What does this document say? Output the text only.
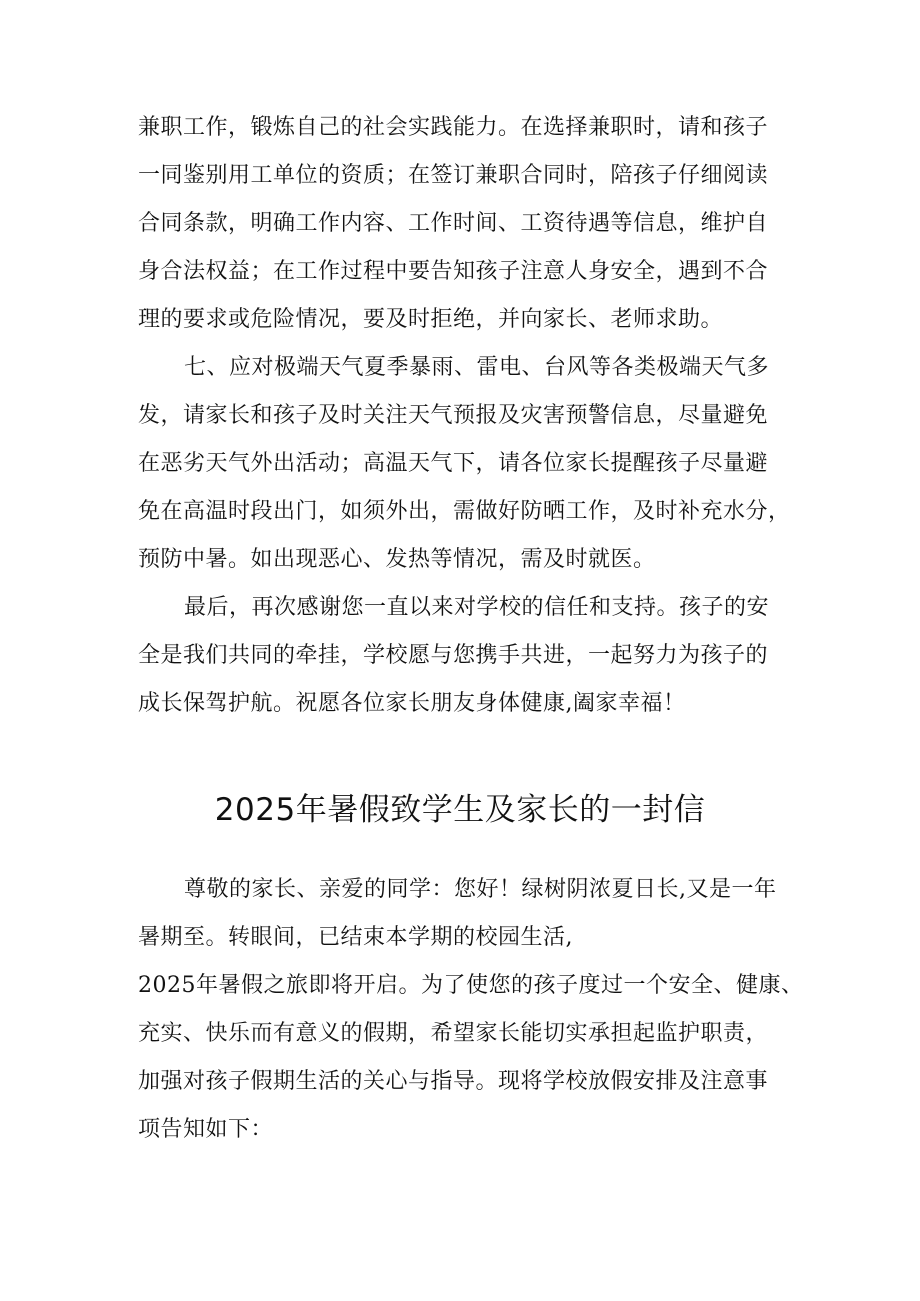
兼职工作，锻炼自己的社会实践能力。在选择兼职时，请和孩子
一同鉴别用工单位的资质；在签订兼职合同时，陪孩子仔细阅读
合同条款，明确工作内容、工作时间、工资待遇等信息，维护自
身合法权益；在工作过程中要告知孩子注意人身安全，遇到不合
理的要求或危险情况，要及时拒绝，并向家长、老师求助。
七、应对极端天气夏季暴雨、雷电、台风等各类极端天气多
发，请家长和孩子及时关注天气预报及灾害预警信息，尽量避免
在恶劣天气外出活动；高温天气下，请各位家长提醒孩子尽量避
免在高温时段出门，如须外出，需做好防晒工作，及时补充水分，
预防中暑。如出现恶心、发热等情况，需及时就医。
最后，再次感谢您一直以来对学校的信任和支持。孩子的安
全是我们共同的牵挂，学校愿与您携手共进，一起努力为孩子的
成长保驾护航。祝愿各位家长朋友身体健康,阖家幸福！
2025年暑假致学生及家长的一封信
尊敬的家长、亲爱的同学：您好！绿树阴浓夏日长,又是一年
暑期至。转眼间，已结束本学期的校园生活,
2025年暑假之旅即将开启。为了使您的孩子度过一个安全、健康、
充实、快乐而有意义的假期，希望家长能切实承担起监护职责，
加强对孩子假期生活的关心与指导。现将学校放假安排及注意事
项告知如下：
